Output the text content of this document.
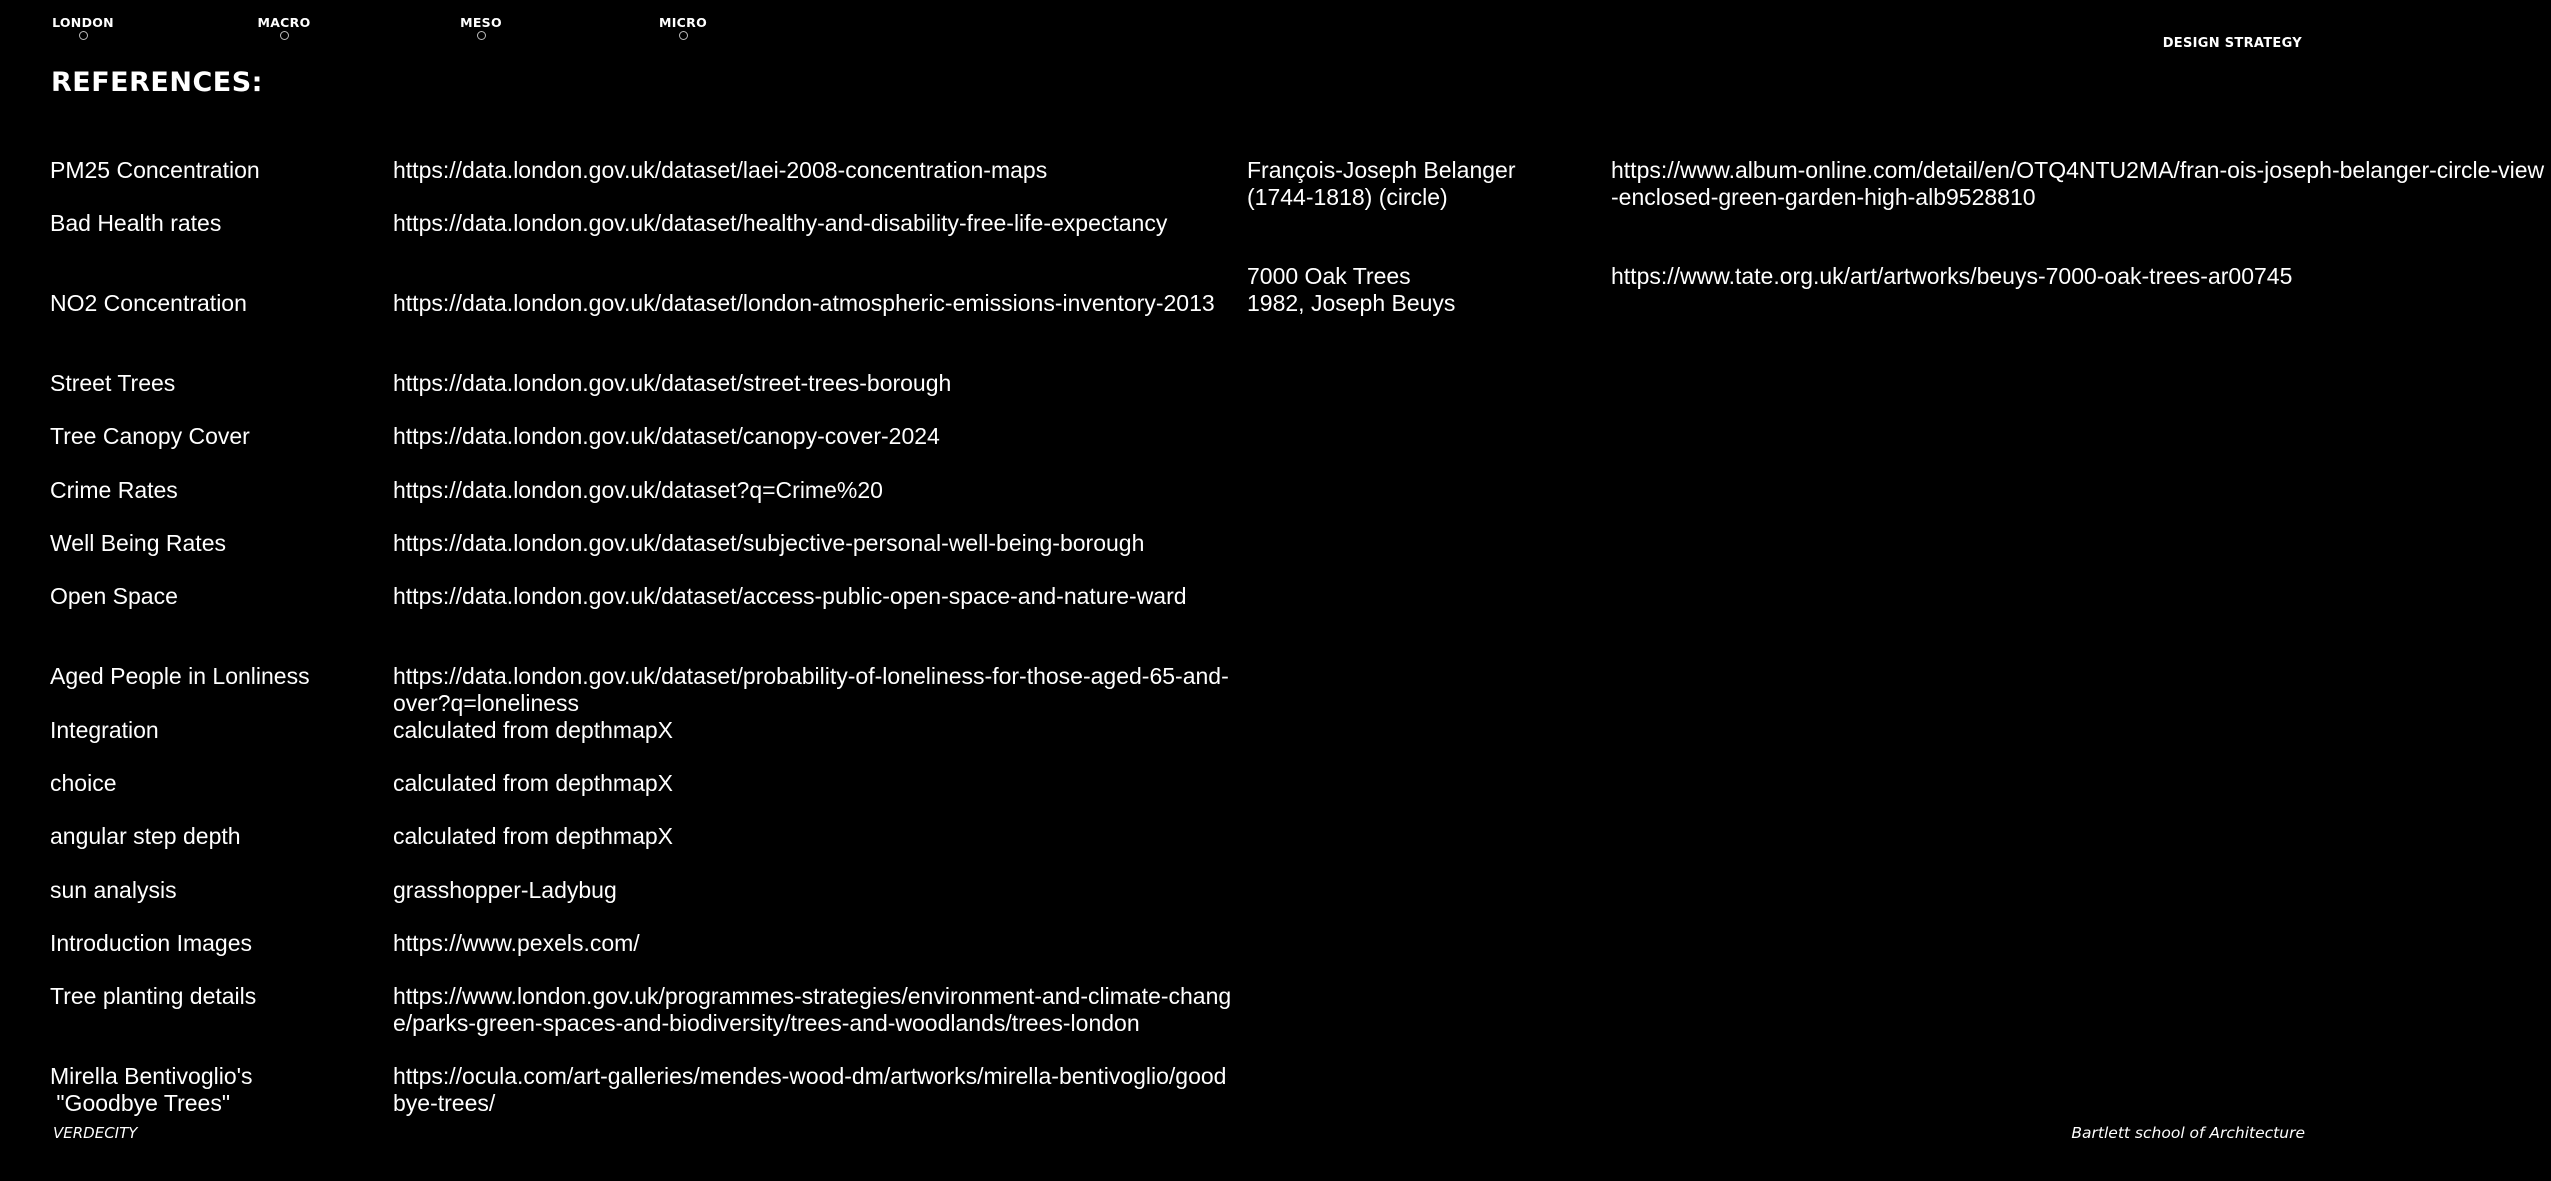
LONDON	MACRO	MESO	MICRO
DESIGN STRATEGY
REFERENCES:
PM25 Concentration	https://data.london.gov.uk/dataset/laei-2008-concentration-maps
Bad Health rates	https://data.london.gov.uk/dataset/healthy-and-disability-free-life-expectancy
NO2 Concentration	https://data.london.gov.uk/dataset/london-atmospheric-emissions-inventory-2013
Street Trees	https://data.london.gov.uk/dataset/street-trees-borough
Tree Canopy Cover	https://data.london.gov.uk/dataset/canopy-cover-2024
Crime Rates	https://data.london.gov.uk/dataset?q=Crime%20
Well Being Rates	https://data.london.gov.uk/dataset/subjective-personal-well-being-borough
Open Space	https://data.london.gov.uk/dataset/access-public-open-space-and-nature-ward
Aged People in Lonliness	https://data.london.gov.uk/dataset/probability-of-loneliness-for-those-aged-65-and-over?q=loneliness
Integration	calculated from depthmapX
choice	calculated from depthmapX
angular step depth	calculated from depthmapX
sun analysis	grasshopper-Ladybug
Introduction Images	https://www.pexels.com/
Tree planting details	https://www.london.gov.uk/programmes-strategies/environment-and-climate-change/parks-green-spaces-and-biodiversity/trees-and-woodlands/trees-london
Mirella Bentivoglio's
"Goodbye Trees"
https://ocula.com/art-galleries/mendes-wood-dm/artworks/mirella-bentivoglio/goodbye-trees/
François-Joseph Belanger
(1744-1818) (circle)
https://www.album-online.com/detail/en/OTQ4NTU2MA/fran-ois-joseph-belanger-circle-view-enclosed-green-garden-high-alb9528810
7000 Oak Trees
1982, Joseph Beuys
https://www.tate.org.uk/art/artworks/beuys-7000-oak-trees-ar00745
VERDECITY	Bartlett school of Architecture
